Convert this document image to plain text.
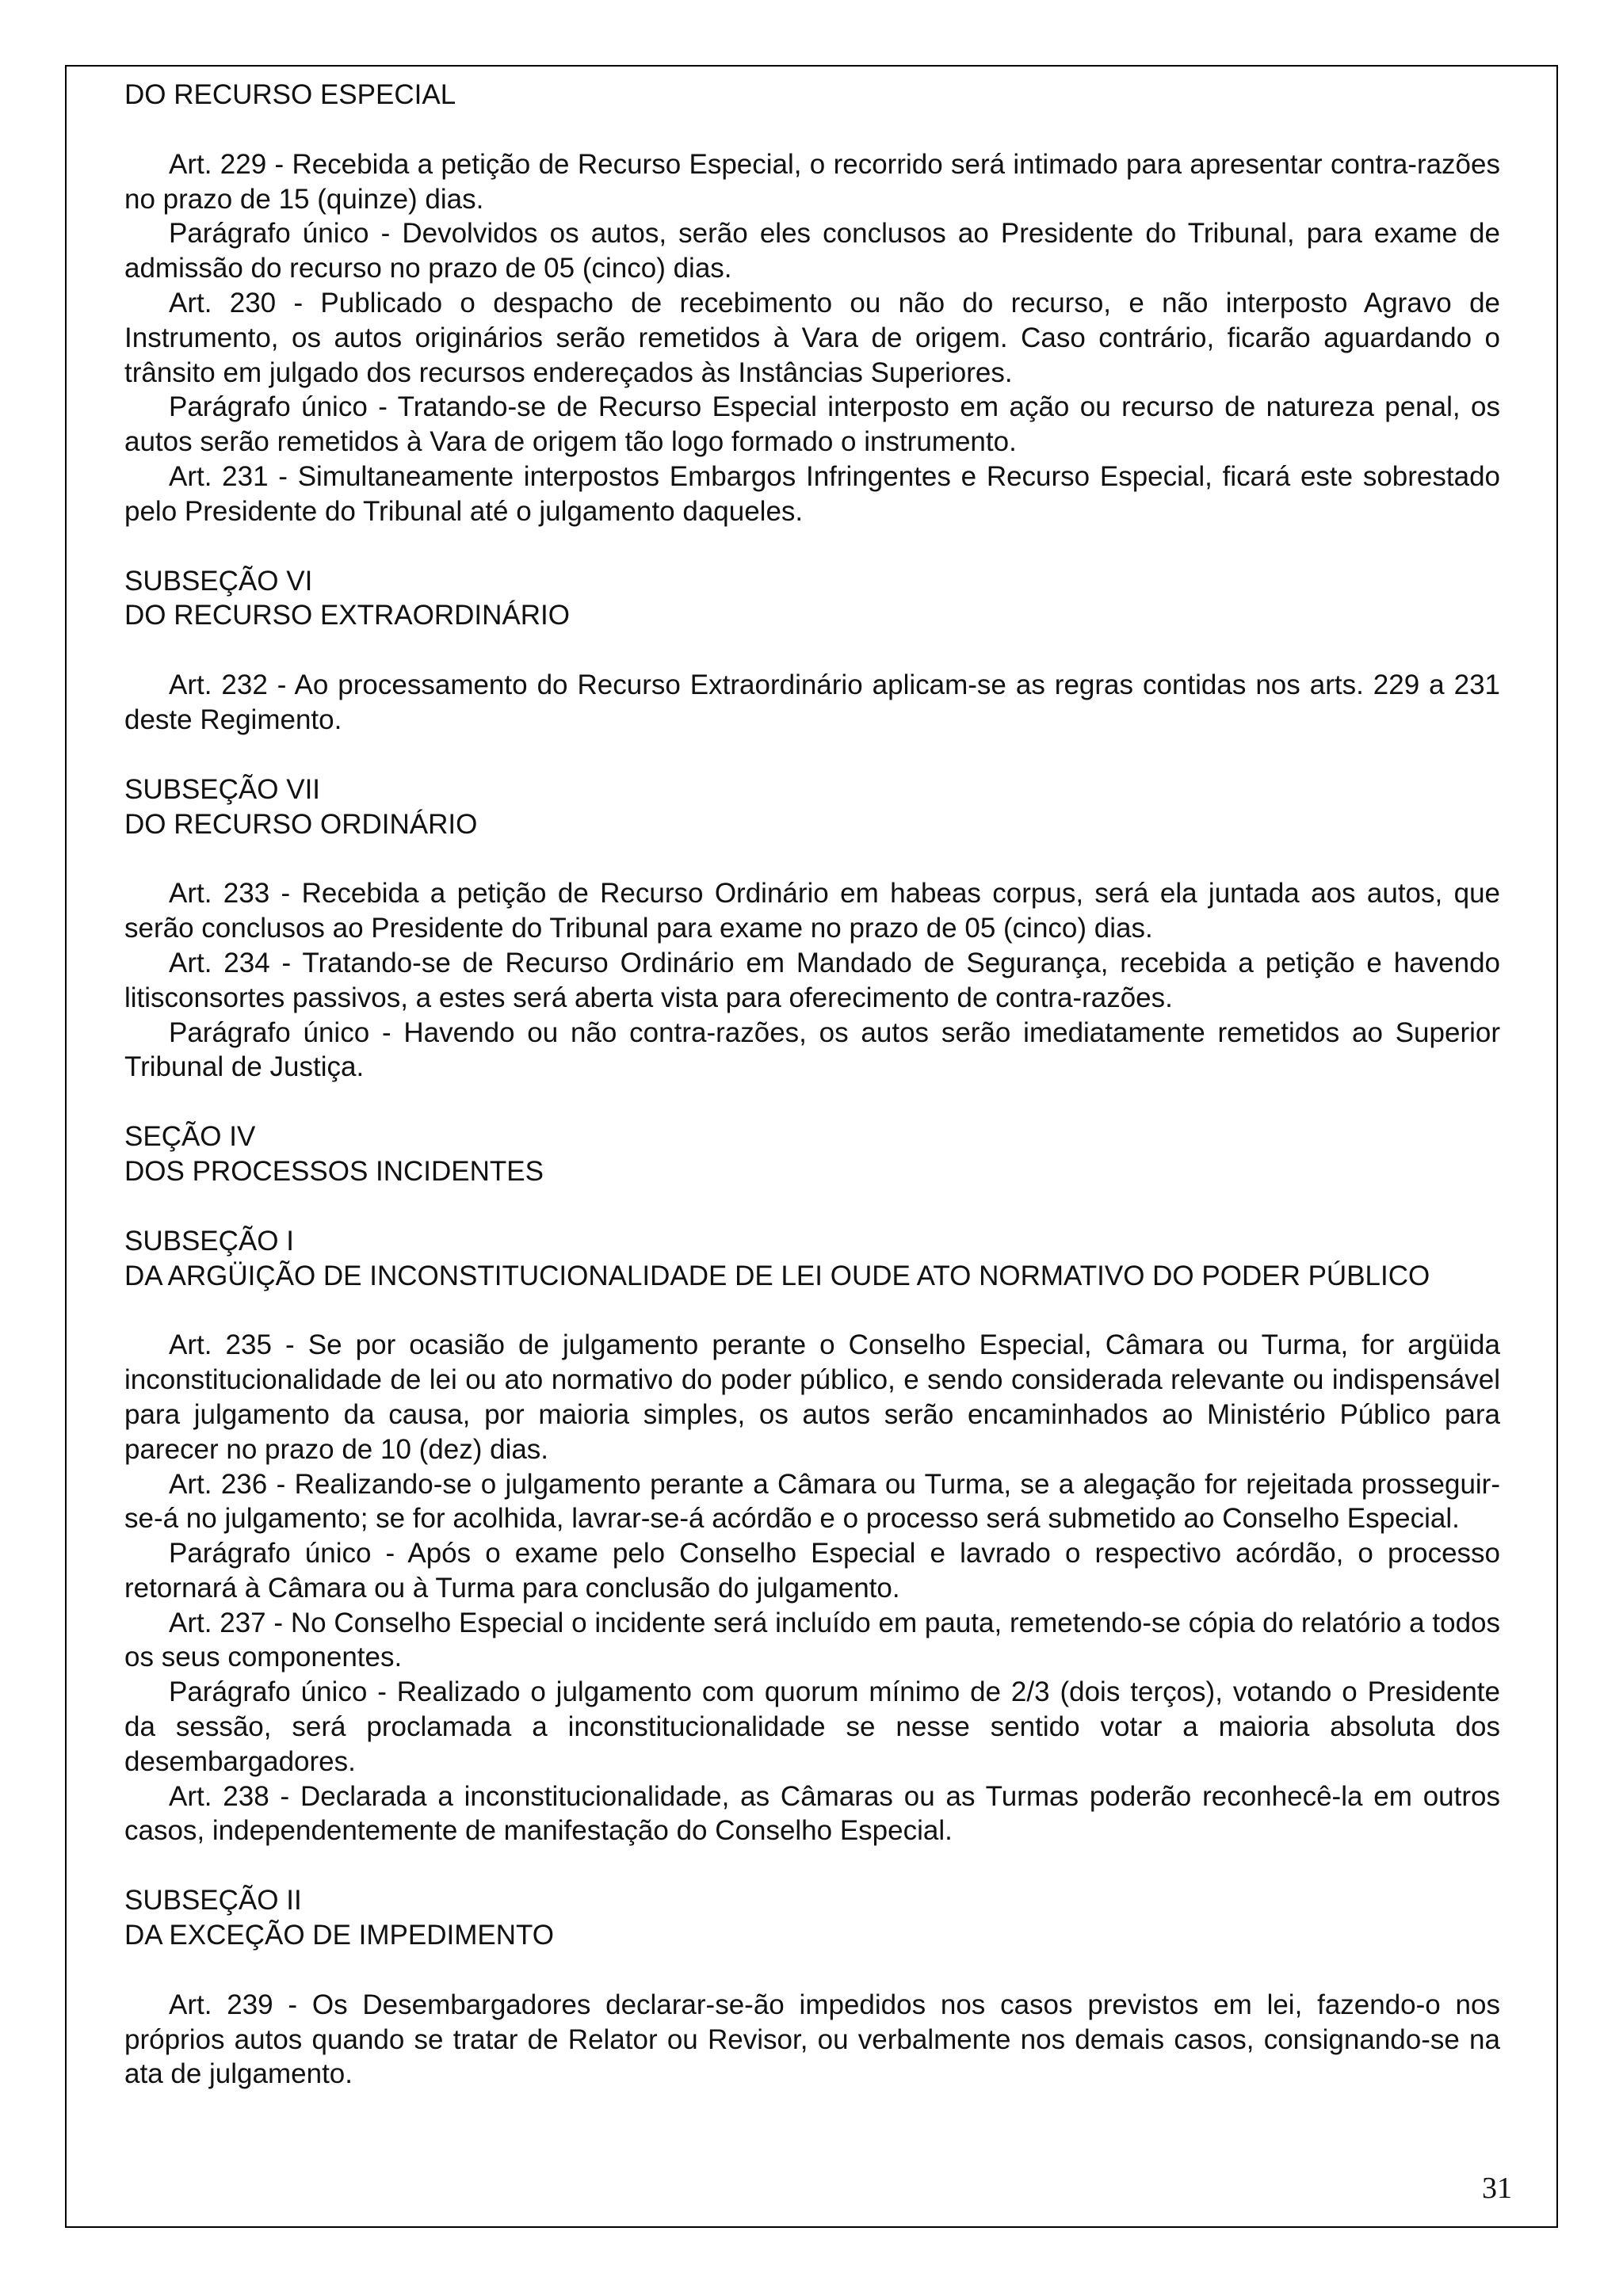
DO RECURSO ESPECIAL

Art. 229 - Recebida a petição de Recurso Especial, o recorrido será intimado para apresentar contra-razões no prazo de 15 (quinze) dias.

Parágrafo único - Devolvidos os autos, serão eles conclusos ao Presidente do Tribunal, para exame de admissão do recurso no prazo de 05 (cinco) dias.

Art. 230 - Publicado o despacho de recebimento ou não do recurso, e não interposto Agravo de Instrumento, os autos originários serão remetidos à Vara de origem. Caso contrário, ficarão aguardando o trânsito em julgado dos recursos endereçados às Instâncias Superiores.

Parágrafo único - Tratando-se de Recurso Especial interposto em ação ou recurso de natureza penal, os autos serão remetidos à Vara de origem tão logo formado o instrumento.

Art. 231 - Simultaneamente interpostos Embargos Infringentes e Recurso Especial, ficará este sobrestado pelo Presidente do Tribunal até o julgamento daqueles.

SUBSEÇÃO VI
DO RECURSO EXTRAORDINÁRIO

Art. 232 - Ao processamento do Recurso Extraordinário aplicam-se as regras contidas nos arts. 229 a 231 deste Regimento.

SUBSEÇÃO VII
DO RECURSO ORDINÁRIO

Art. 233 - Recebida a petição de Recurso Ordinário em habeas corpus, será ela juntada aos autos, que serão conclusos ao Presidente do Tribunal para exame no prazo de 05 (cinco) dias.

Art. 234 - Tratando-se de Recurso Ordinário em Mandado de Segurança, recebida a petição e havendo litisconsortes passivos, a estes será aberta vista para oferecimento de contra-razões.

Parágrafo único - Havendo ou não contra-razões, os autos serão imediatamente remetidos ao Superior Tribunal de Justiça.

SEÇÃO IV
DOS PROCESSOS INCIDENTES
SUBSEÇÃO I
DA ARGÜIÇÃO DE INCONSTITUCIONALIDADE DE LEI OUDE ATO NORMATIVO DO PODER PÚBLICO

Art. 235 - Se por ocasião de julgamento perante o Conselho Especial, Câmara ou Turma, for argüida inconstitucionalidade de lei ou ato normativo do poder público, e sendo considerada relevante ou indispensável para julgamento da causa, por maioria simples, os autos serão encaminhados ao Ministério Público para parecer no prazo de 10 (dez) dias.

Art. 236 - Realizando-se o julgamento perante a Câmara ou Turma, se a alegação for rejeitada prosseguir-se-á no julgamento; se for acolhida, lavrar-se-á acórdão e o processo será submetido ao Conselho Especial.

Parágrafo único - Após o exame pelo Conselho Especial e lavrado o respectivo acórdão, o processo retornará à Câmara ou à Turma para conclusão do julgamento.

Art. 237 - No Conselho Especial o incidente será incluído em pauta, remetendo-se cópia do relatório a todos os seus componentes.

Parágrafo único - Realizado o julgamento com quorum mínimo de 2/3 (dois terços), votando o Presidente da sessão, será proclamada a inconstitucionalidade se nesse sentido votar a maioria absoluta dos desembargadores.

Art. 238 - Declarada a inconstitucionalidade, as Câmaras ou as Turmas poderão reconhecê-la em outros casos, independentemente de manifestação do Conselho Especial.

SUBSEÇÃO II
DA EXCEÇÃO DE IMPEDIMENTO

Art. 239 - Os Desembargadores declarar-se-ão impedidos nos casos previstos em lei, fazendo-o nos próprios autos quando se tratar de Relator ou Revisor, ou verbalmente nos demais casos, consignando-se na ata de julgamento.

31
